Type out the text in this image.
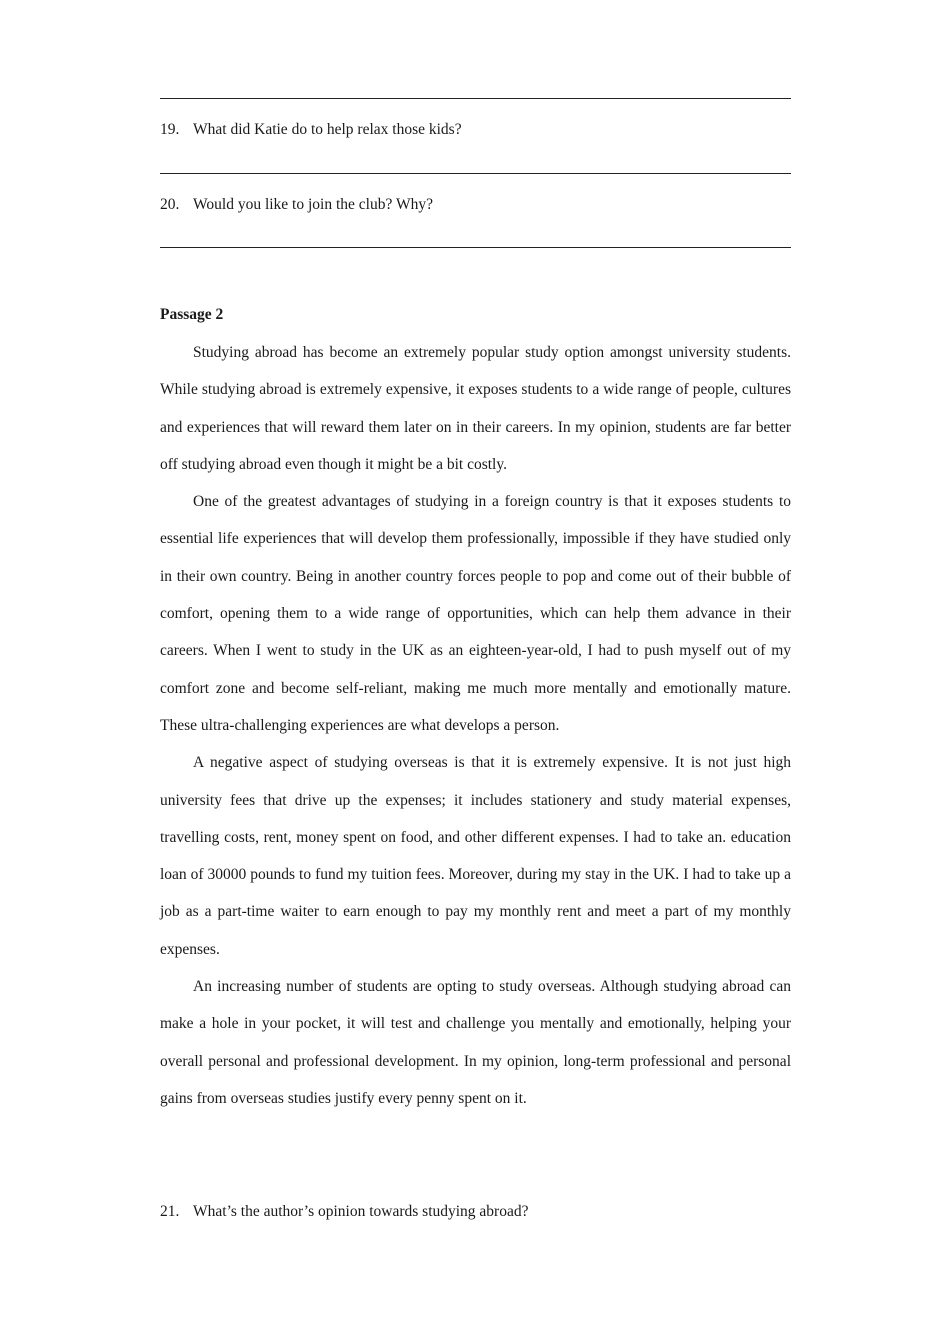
19. What did Katie do to help relax those kids?
20. Would you like to join the club? Why?
Passage 2

Studying abroad has become an extremely popular study option amongst university students. While studying abroad is extremely expensive, it exposes students to a wide range of people, cultures and experiences that will reward them later on in their careers. In my opinion, students are far better off studying abroad even though it might be a bit costly.

One of the greatest advantages of studying in a foreign country is that it exposes students to essential life experiences that will develop them professionally, impossible if they have studied only in their own country. Being in another country forces people to pop and come out of their bubble of comfort, opening them to a wide range of opportunities, which can help them advance in their careers. When I went to study in the UK as an eighteen-year-old, I had to push myself out of my comfort zone and become self-reliant, making me much more mentally and emotionally mature. These ultra-challenging experiences are what develops a person.

A negative aspect of studying overseas is that it is extremely expensive. It is not just high university fees that drive up the expenses; it includes stationery and study material expenses, travelling costs, rent, money spent on food, and other different expenses. I had to take an. education loan of 30000 pounds to fund my tuition fees. Moreover, during my stay in the UK. I had to take up a job as a part-time waiter to earn enough to pay my monthly rent and meet a part of my monthly expenses.

An increasing number of students are opting to study overseas. Although studying abroad can make a hole in your pocket, it will test and challenge you mentally and emotionally, helping your overall personal and professional development. In my opinion, long-term professional and personal gains from overseas studies justify every penny spent on it.

21. What’s the author’s opinion towards studying abroad?
